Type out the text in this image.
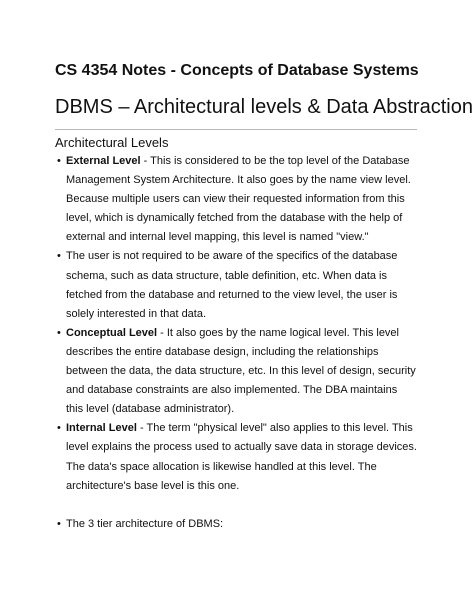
CS 4354 Notes - Concepts of Database Systems
DBMS – Architectural levels & Data Abstraction
Architectural Levels
• External Level - This is considered to be the top level of the Database Management System Architecture. It also goes by the name view level. Because multiple users can view their requested information from this level, which is dynamically fetched from the database with the help of external and internal level mapping, this level is named "view."
• The user is not required to be aware of the specifics of the database schema, such as data structure, table definition, etc. When data is fetched from the database and returned to the view level, the user is solely interested in that data.
• Conceptual Level - It also goes by the name logical level. This level describes the entire database design, including the relationships between the data, the data structure, etc. In this level of design, security and database constraints are also implemented. The DBA maintains this level (database administrator).
• Internal Level - The term "physical level" also applies to this level. This level explains the process used to actually save data in storage devices. The data's space allocation is likewise handled at this level. The architecture's base level is this one.
• The 3 tier architecture of DBMS:
